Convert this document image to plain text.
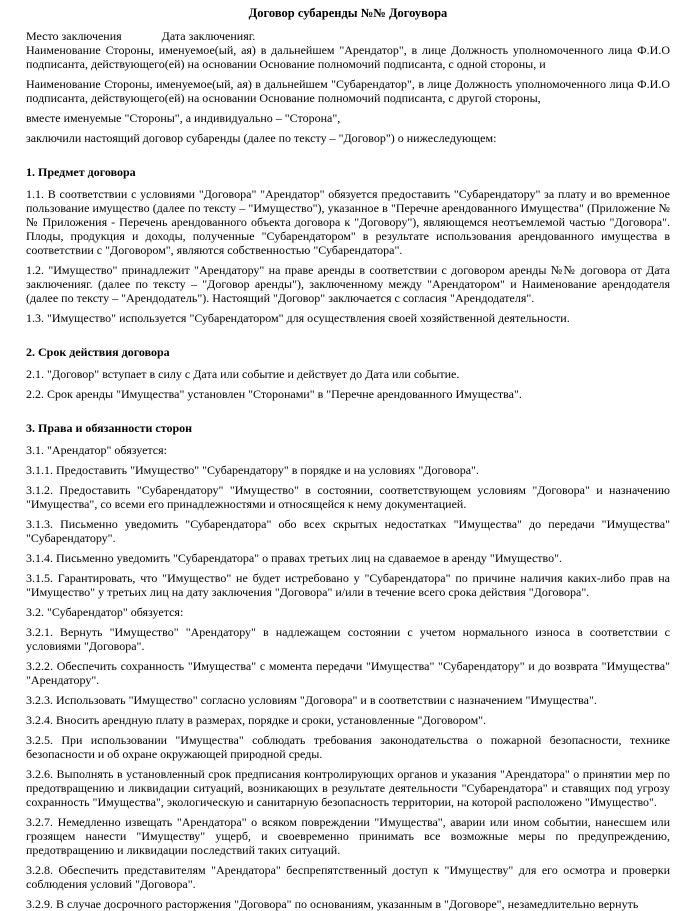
Договор субаренды №№ Догоувора

Место заключения	Дата заключенияг.

Наименование Стороны, именуемое(ый, ая) в дальнейшем "Арендатор", в лице Должность уполномоченного лица Ф.И.О подписанта, действующего(ей) на основании Основание полномочий подписанта, с одной стороны, и

Наименование Стороны, именуемое(ый, ая) в дальнейшем "Субарендатор", в лице Должность уполномоченного лица Ф.И.О подписанта, действующего(ей) на основании Основание полномочий подписанта, с другой стороны,

вместе именуемые "Стороны", а индивидуально – "Сторона",

заключили настоящий договор субаренды (далее по тексту – "Договор") о нижеследующем:

1. Предмет договора

1.1. В соответствии с условиями "Договора" "Арендатор" обязуется предоставить "Субарендатору" за плату и во временное пользование имущество (далее по тексту – "Имущество"), указанное в "Перечне арендованного Имущества" (Приложение №№ Приложения - Перечень арендованного объекта договора к "Договору"), являющемся неотъемлемой частью "Договора". Плоды, продукция и доходы, полученные "Субарендатором" в результате использования арендованного имущества в соответствии с "Договором", являются собственностью "Субарендатора".

1.2. "Имущество" принадлежит "Арендатору" на праве аренды в соответствии с договором аренды №№ договора от Дата заключенияг. (далее по тексту – "Договор аренды"), заключенному между "Арендатором" и Наименование арендодателя (далее по тексту – "Арендодатель"). Настоящий "Договор" заключается с согласия "Арендодателя".

1.3. "Имущество" используется "Субарендатором" для осуществления своей хозяйственной деятельности.

2. Срок действия договора

2.1. "Договор" вступает в силу с Дата или событие и действует до Дата или событие.

2.2. Срок аренды "Имущества" установлен "Сторонами" в "Перечне арендованного Имущества".

3. Права и обязанности сторон

3.1. "Арендатор" обязуется:

3.1.1. Предоставить "Имущество" "Субарендатору" в порядке и на условиях "Договора".

3.1.2. Предоставить "Субарендатору" "Имущество" в состоянии, соответствующем условиям "Договора" и назначению "Имущества", со всеми его принадлежностями и относящейся к нему документацией.

3.1.3. Письменно уведомить "Субарендатора" обо всех скрытых недостатках "Имущества" до передачи "Имущества" "Субарендатору".

3.1.4. Письменно уведомить "Субарендатора" о правах третьих лиц на сдаваемое в аренду "Имущество".

3.1.5. Гарантировать, что "Имущество" не будет истребовано у "Субарендатора" по причине наличия каких-либо прав на "Имущество" у третьих лиц на дату заключения "Договора" и/или в течение всего срока действия "Договора".

3.2. "Субарендатор" обязуется:

3.2.1. Вернуть "Имущество" "Арендатору" в надлежащем состоянии с учетом нормального износа в соответствии с условиями "Договора".

3.2.2. Обеспечить сохранность "Имущества" с момента передачи "Имущества" "Субарендатору" и до возврата "Имущества" "Арендатору".

3.2.3. Использовать "Имущество" согласно условиям "Договора" и в соответствии с назначением "Имущества".

3.2.4. Вносить арендную плату в размерах, порядке и сроки, установленные "Договором".

3.2.5. При использовании "Имущества" соблюдать требования законодательства о пожарной безопасности, технике безопасности и об охране окружающей природной среды.

3.2.6. Выполнять в установленный срок предписания контролирующих органов и указания "Арендатора" о принятии мер по предотвращению и ликвидации ситуаций, возникающих в результате деятельности "Субарендатора" и ставящих под угрозу сохранность "Имущества", экологическую и санитарную безопасность территории, на которой расположено "Имущество".

3.2.7. Немедленно извещать "Арендатора" о всяком повреждении "Имущества", аварии или ином событии, нанесшем или грозящем нанести "Имуществу" ущерб, и своевременно принимать все возможные меры по предупреждению, предотвращению и ликвидации последствий таких ситуаций.

3.2.8. Обеспечить представителям "Арендатора" беспрепятственный доступ к "Имуществу" для его осмотра и проверки соблюдения условий "Договора".

3.2.9. В случае досрочного расторжения "Договора" по основаниям, указанным в "Договоре", незамедлительно вернуть
